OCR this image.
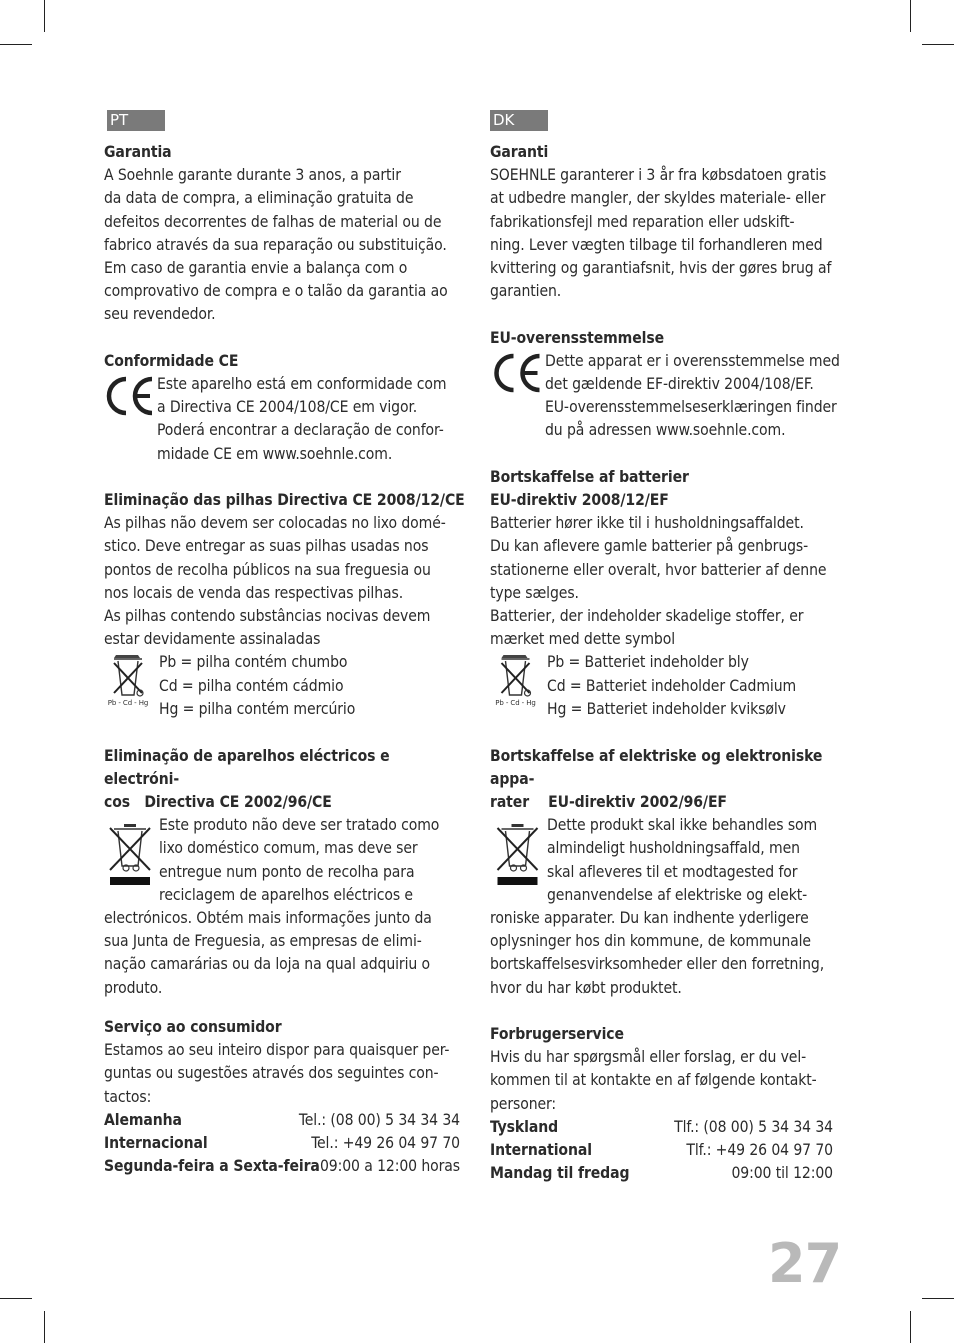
PT
Garantia

A Soehnle garante durante 3 anos, a partir
da data de compra, a eliminação gratuita de
defeitos decorrentes de falhas de material ou de
fabrico através da sua reparação ou substituição.
Em caso de garantia envie a balança com o
comprovativo de compra e o talão da garantia ao
seu revendedor.

Conformidade CE

Este aparelho está em conformidade com
a Directiva CE 2004/108/CE em vigor.
Poderá encontrar a declaração de confor-
midade CE em www.soehnle.com.

Eliminação das pilhas Directiva CE 2008/12/CE

As pilhas não devem ser colocadas no lixo domé-
stico. Deve entregar as suas pilhas usadas nos
pontos de recolha públicos na sua freguesia ou
nos locais de venda das respectivas pilhas.
As pilhas contendo substâncias nocivas devem
estar devidamente assinaladas

Pb - Cd - Hg

Pb = pilha contém chumbo
Cd = pilha contém cádmio
Hg = pilha contém mercúrio

Eliminação de aparelhos eléctricos e electróni-
cos Directiva CE 2002/96/CE

Este produto não deve ser tratado como
lixo doméstico comum, mas deve ser
entregue num ponto de recolha para
reciclagem de aparelhos eléctricos e

electrónicos. Obtém mais informações junto da
sua Junta de Freguesia, as empresas de elimi-
nação camarárias ou da loja na qual adquiriu o
produto.

Serviço ao consumidor

Estamos ao seu inteiro dispor para quaisquer per-
guntas ou sugestões através dos seguintes con-
tactos:

Alemanha	Tel.: (08 00) 5 34 34 34
Internacional	Tel.: +49 26 04 97 70
Segunda-feira a Sexta-feira 09:00 a 12:00 horas
DK
Garanti

SOEHNLE garanterer i 3 år fra købsdatoen gratis
at udbedre mangler, der skyldes materiale- eller
fabrikationsfejl med reparation eller udskift-
ning. Lever vægten tilbage til forhandleren med
kvittering og garantiafsnit, hvis der gøres brug af
garantien.

EU-overensstemmelse

Dette apparat er i overensstemmelse med
det gældende EF-direktiv 2004/108/EF.
EU-overensstemmelseserklæringen finder
du på adressen www.soehnle.com.

Bortskaffelse af batterier
EU-direktiv 2008/12/EF

Batterier hører ikke til i husholdningsaffaldet.
Du kan aflevere gamle batterier på genbrugs-
stationerne eller overalt, hvor batterier af denne
type sælges.
Batterier, der indeholder skadelige stoffer, er
mærket med dette symbol

Pb - Cd - Hg

Pb = Batteriet indeholder bly
Cd = Batteriet indeholder Cadmium
Hg = Batteriet indeholder kviksølv

Bortskaffelse af elektriske og elektroniske appa-
rater EU-direktiv 2002/96/EF

Dette produkt skal ikke behandles som
almindeligt husholdningsaffald, men
skal afleveres til et modtagested for
genanvendelse af elektriske og elekt-

roniske apparater. Du kan indhente yderligere
oplysninger hos din kommune, de kommunale
bortskaffelsesvirksomheder eller den forretning,
hvor du har købt produktet.

Forbrugerservice

Hvis du har spørgsmål eller forslag, er du vel-
kommen til at kontakte en af følgende kontakt-
personer:

Tyskland	Tlf.: (08 00) 5 34 34 34
International	Tlf.: +49 26 04 97 70
Mandag til fredag	09:00 til 12:00
27
